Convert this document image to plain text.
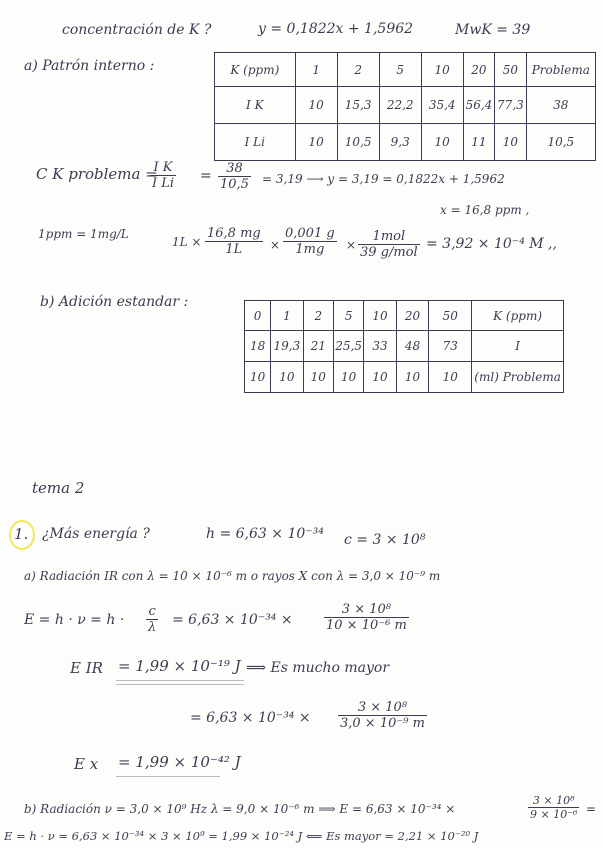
concentración de K ?	y = 0,1822x + 1,5962	MwK = 39
a) Patrón interno :	K (ppm)	1	2	5	10	20	50	Problema
I K	10	15,3	22,2	35,4	56,4	77,3	38
I Li	10	10,5	9,3	10	11	10	10,5
C K problema =
$\frac{\text{I K}}{\text{I Li}} = \frac{38}{10,5} = 3,19$ ⟶ y = 3,19 = 0,1822x + 1,5962
x = 16,8 ppm ,
1ppm = 1mg/L
$1L \times \frac{16,8 mg}{1L} \times \frac{0,001 g}{1mg}$ ×
1mol
39 g/mol
= 3,92 × 10⁻⁴ M ,,
b) Adición estandar :
0	1	2	5	10	20	50	K (ppm)
18	19,3	21	25,5	33	48	73	I
10	10	10	10	10	10	10	(ml) Problema
tema 2
1. ¿Más energía ?	h = 6,63 × 10⁻³⁴ c = 3 × 10⁸
a) Radiación IR con λ = 10 × 10⁻⁶ m o rayos X con λ = 3,0 × 10⁻⁹ m
$E = h \cdot \nu = h \cdot \frac{c}{\lambda} = 6,63 \times 10^{-34} \times \frac{\text{3 × 10⁸}}{\text{10 × 10⁻⁶ m}}$
E IR = 1,99 × 10⁻¹⁹ J ⟹ Es mucho mayor
= $6,63 \times 10^{-34} \times \frac{\text{3 × 10⁸}}{\text{3,0 × 10⁻⁹ m}}$
E x = 1,99 × 10⁻⁴² J
b) Radiación ν = 3,0 × 10⁹ Hz λ = 9,0 × 10⁻⁶ m ⟹ E = 6,63 × 10⁻³⁴ ×	$\frac{\text{3 × 10⁸}}{\text{9 × 10⁻⁶}}$ =
E = h · ν = 6,63 × 10⁻³⁴ × 3 × 10⁹ = 1,99 × 10⁻²⁴ J ⟸ Es mayor = 2,21 × 10⁻²⁰ J
